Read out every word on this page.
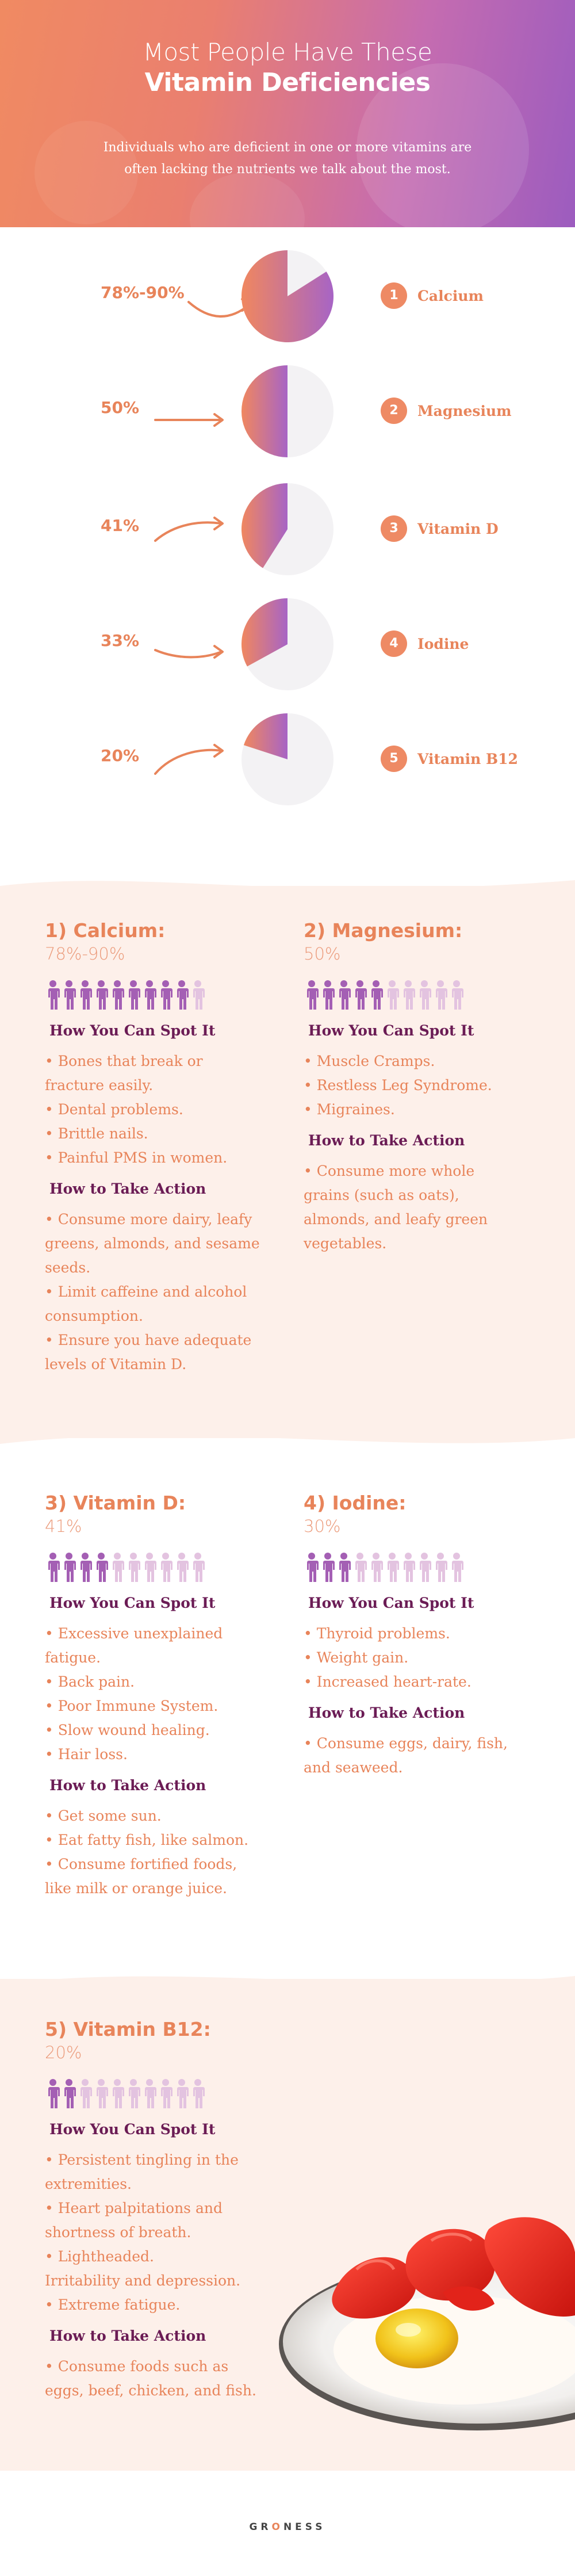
Most People Have These
Vitamin Deficiencies
Individuals who are deficient in one or more vitamins are often lacking the nutrients we talk about the most.
78%-90%	1	Calcium
50%	2	Magnesium
41%	3	Vitamin D
33%	4	Iodine
20%	5	Vitamin B12
1) Calcium:
78%-90%
How You Can Spot It
• Bones that break or
fracture easily.
• Dental problems.
• Brittle nails.
• Painful PMS in women.
How to Take Action
• Consume more dairy, leafy
greens, almonds, and sesame
seeds.
• Limit caffeine and alcohol
consumption.
• Ensure you have adequate
levels of Vitamin D.
2) Magnesium:
50%
How You Can Spot It
• Muscle Cramps.
• Restless Leg Syndrome.
• Migraines.
How to Take Action
• Consume more whole
grains (such as oats),
almonds, and leafy green
vegetables.
3) Vitamin D:
41%
How You Can Spot It
• Excessive unexplained
fatigue.
• Back pain.
• Poor Immune System.
• Slow wound healing.
• Hair loss.
How to Take Action
• Get some sun.
• Eat fatty fish, like salmon.
• Consume fortified foods,
like milk or orange juice.
4) Iodine:
30%
How You Can Spot It
• Thyroid problems.
• Weight gain.
• Increased heart-rate.
How to Take Action
• Consume eggs, dairy, fish,
and seaweed.
5) Vitamin B12:
20%
How You Can Spot It
• Persistent tingling in the
extremities.
• Heart palpitations and
shortness of breath.
• Lightheaded.
Irritability and depression.
• Extreme fatigue.
How to Take Action
• Consume foods such as
eggs, beef, chicken, and fish.
GRONESS
